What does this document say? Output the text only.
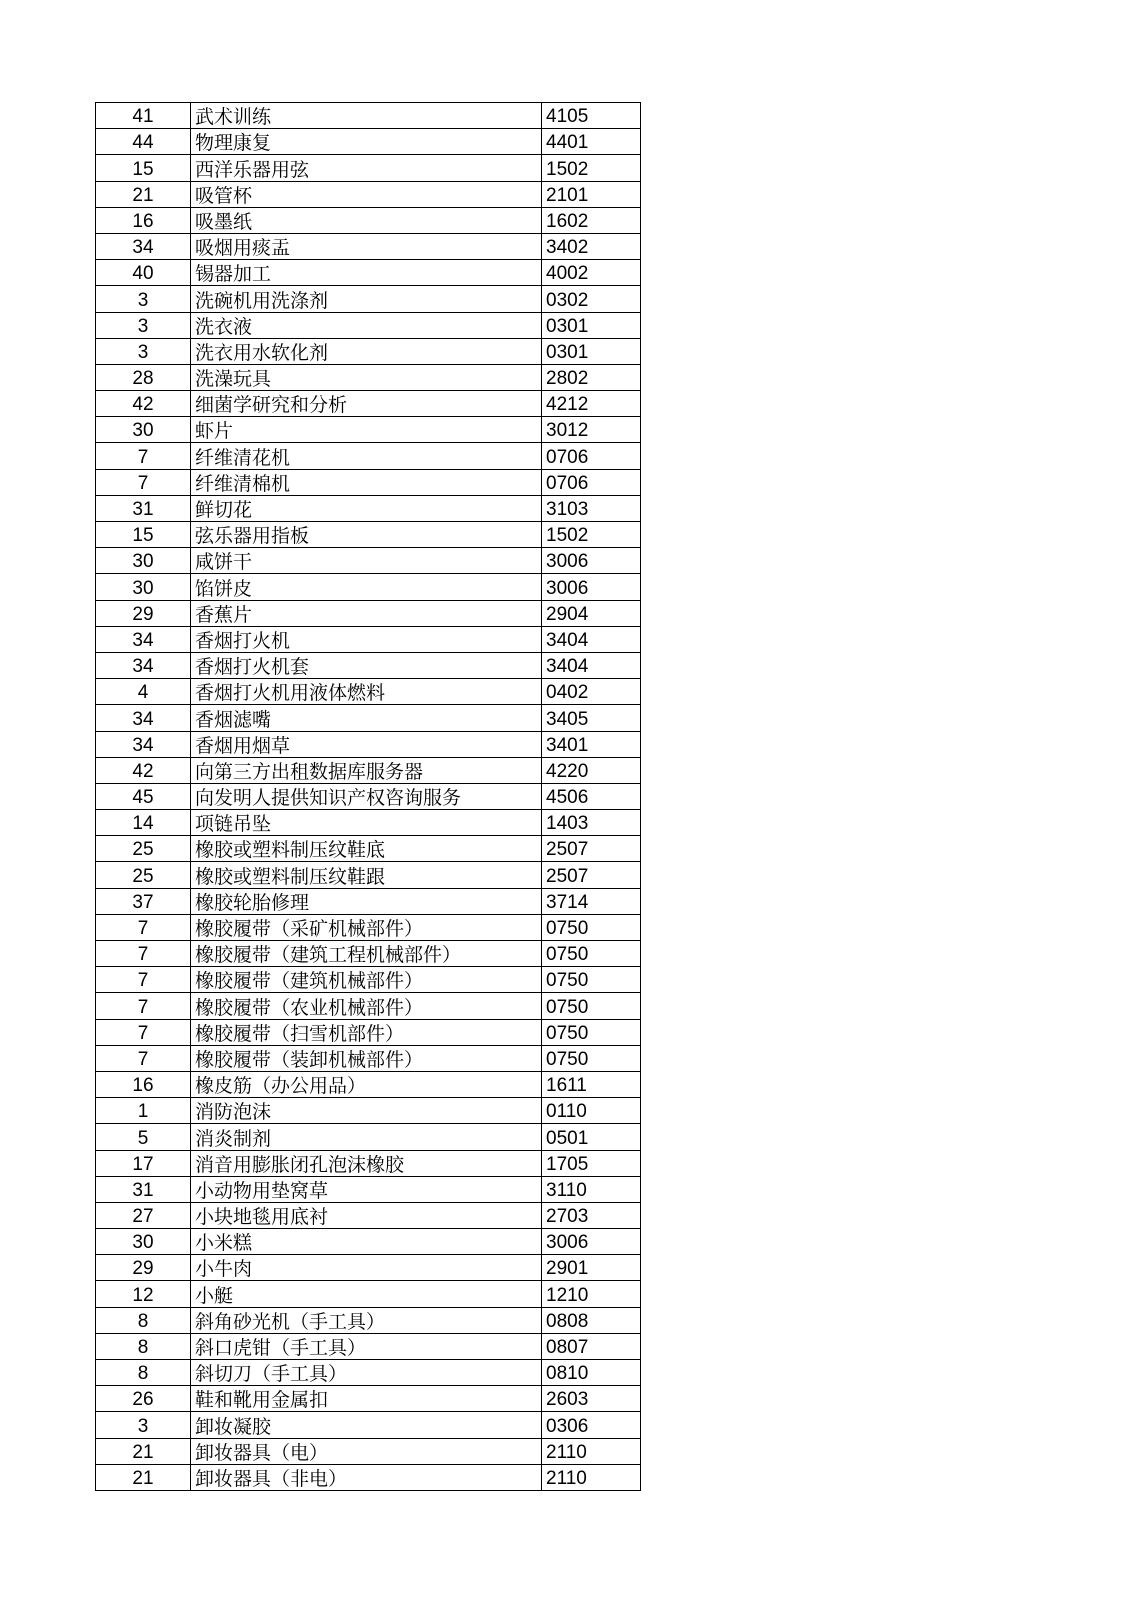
41	武术训练	4105
44	物理康复	4401
15	西洋乐器用弦	1502
21	吸管杯	2101
16	吸墨纸	1602
34	吸烟用痰盂	3402
40	锡器加工	4002
3	洗碗机用洗涤剂	0302
3	洗衣液	0301
3	洗衣用水软化剂	0301
28	洗澡玩具	2802
42	细菌学研究和分析	4212
30	虾片	3012
7	纤维清花机	0706
7	纤维清棉机	0706
31	鲜切花	3103
15	弦乐器用指板	1502
30	咸饼干	3006
30	馅饼皮	3006
29	香蕉片	2904
34	香烟打火机	3404
34	香烟打火机套	3404
4	香烟打火机用液体燃料	0402
34	香烟滤嘴	3405
34	香烟用烟草	3401
42	向第三方出租数据库服务器	4220
45	向发明人提供知识产权咨询服务	4506
14	项链吊坠	1403
25	橡胶或塑料制压纹鞋底	2507
25	橡胶或塑料制压纹鞋跟	2507
37	橡胶轮胎修理	3714
7	橡胶履带（采矿机械部件）	0750
7	橡胶履带（建筑工程机械部件）	0750
7	橡胶履带（建筑机械部件）	0750
7	橡胶履带（农业机械部件）	0750
7	橡胶履带（扫雪机部件）	0750
7	橡胶履带（装卸机械部件）	0750
16	橡皮筋（办公用品）	1611
1	消防泡沫	0110
5	消炎制剂	0501
17	消音用膨胀闭孔泡沫橡胶	1705
31	小动物用垫窝草	3110
27	小块地毯用底衬	2703
30	小米糕	3006
29	小牛肉	2901
12	小艇	1210
8	斜角砂光机（手工具）	0808
8	斜口虎钳（手工具）	0807
8	斜切刀（手工具）	0810
26	鞋和靴用金属扣	2603
3	卸妆凝胶	0306
21	卸妆器具（电）	2110
21	卸妆器具（非电）	2110
